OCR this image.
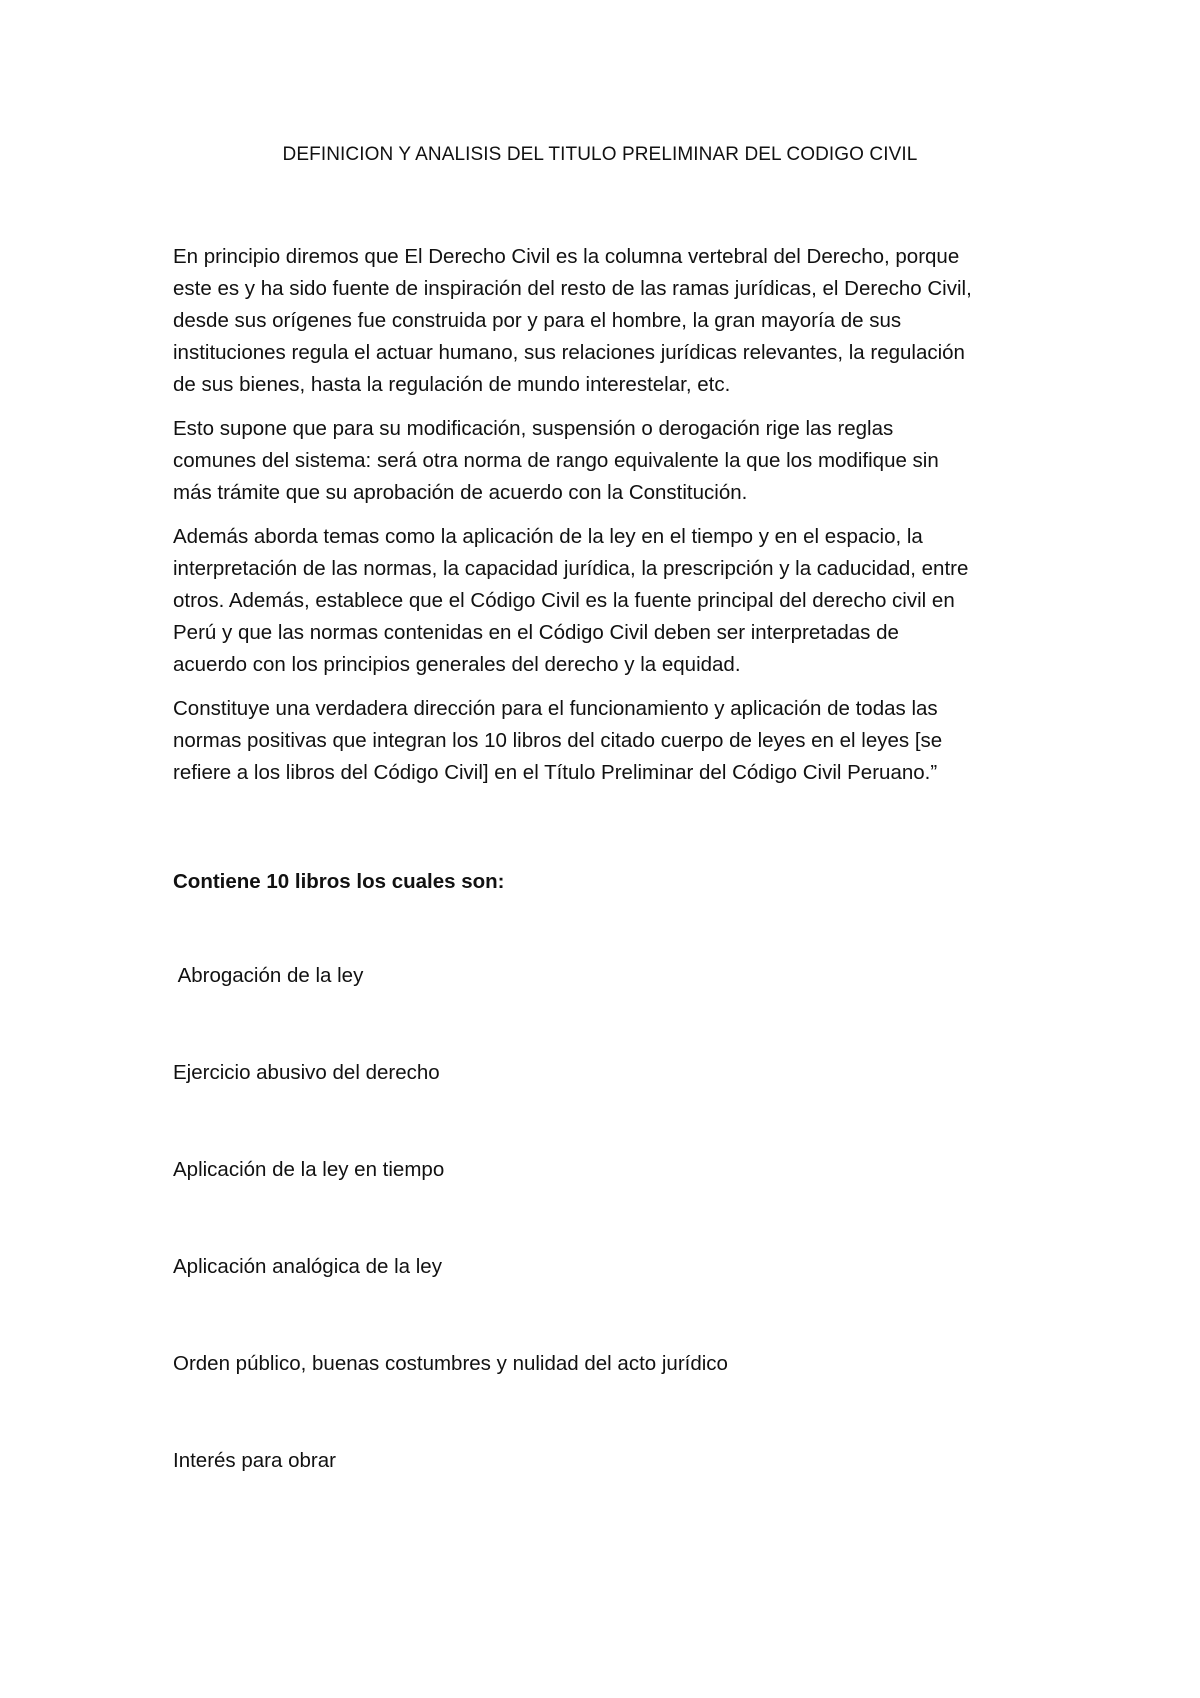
DEFINICION Y ANALISIS DEL TITULO PRELIMINAR DEL CODIGO CIVIL

En principio diremos que El Derecho Civil es la columna vertebral del Derecho, porque
este es y ha sido fuente de inspiración del resto de las ramas jurídicas, el Derecho Civil,
desde sus orígenes fue construida por y para el hombre, la gran mayoría de sus
instituciones regula el actuar humano, sus relaciones jurídicas relevantes, la regulación
de sus bienes, hasta la regulación de mundo interestelar, etc.

Esto supone que para su modificación, suspensión o derogación rige las reglas
comunes del sistema: será otra norma de rango equivalente la que los modifique sin
más trámite que su aprobación de acuerdo con la Constitución.

Además aborda temas como la aplicación de la ley en el tiempo y en el espacio, la
interpretación de las normas, la capacidad jurídica, la prescripción y la caducidad, entre
otros. Además, establece que el Código Civil es la fuente principal del derecho civil en
Perú y que las normas contenidas en el Código Civil deben ser interpretadas de
acuerdo con los principios generales del derecho y la equidad.

Constituye una verdadera dirección para el funcionamiento y aplicación de todas las
normas positivas que integran los 10 libros del citado cuerpo de leyes en el leyes [se
refiere a los libros del Código Civil] en el Título Preliminar del Código Civil Peruano.”

Contiene 10 libros los cuales son:
Abrogación de la ley
Ejercicio abusivo del derecho
Aplicación de la ley en tiempo
Aplicación analógica de la ley
Orden público, buenas costumbres y nulidad del acto jurídico
Interés para obrar
